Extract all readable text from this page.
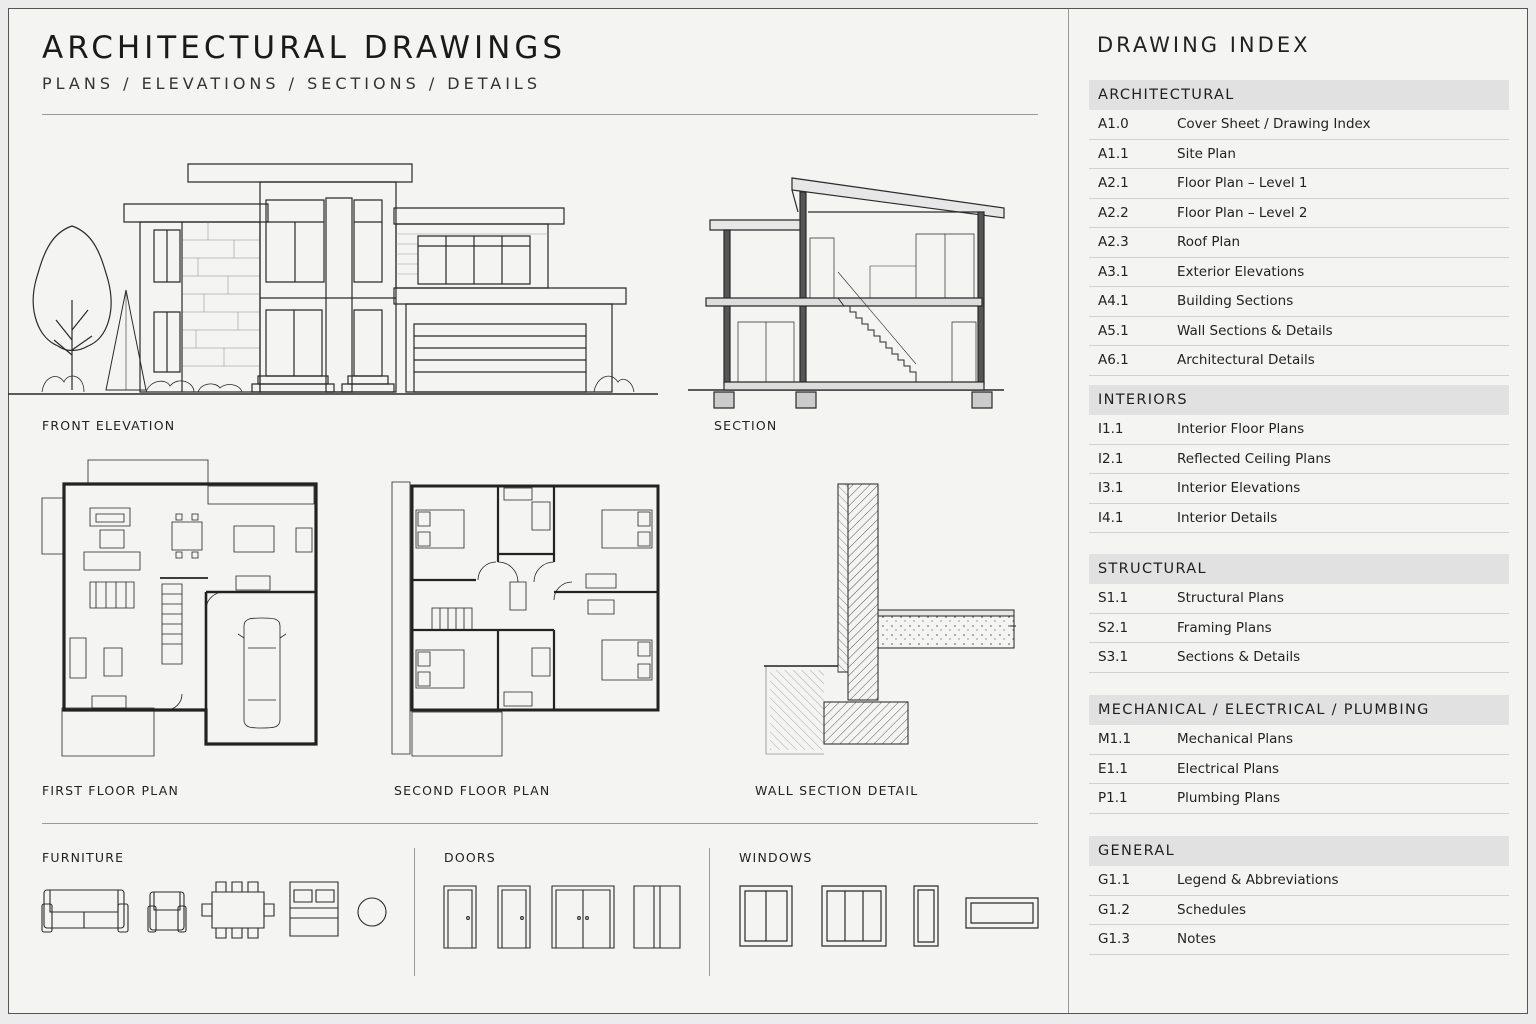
ARCHITECTURAL DRAWINGS
PLANS / ELEVATIONS / SECTIONS / DETAILS
FRONT ELEVATION	SECTION
FIRST FLOOR PLAN	SECOND FLOOR PLAN	WALL SECTION DETAIL
FURNITURE	DOORS	WINDOWS
DRAWING INDEX
ARCHITECTURAL
A1.0	Cover Sheet / Drawing Index
A1.1	Site Plan
A2.1	Floor Plan – Level 1
A2.2	Floor Plan – Level 2
A2.3	Roof Plan
A3.1	Exterior Elevations
A4.1	Building Sections
A5.1	Wall Sections & Details
A6.1	Architectural Details
INTERIORS
I1.1	Interior Floor Plans
I2.1	Reflected Ceiling Plans
I3.1	Interior Elevations
I4.1	Interior Details
STRUCTURAL
S1.1	Structural Plans
S2.1	Framing Plans
S3.1	Sections & Details
MECHANICAL / ELECTRICAL / PLUMBING
M1.1	Mechanical Plans
E1.1	Electrical Plans
P1.1	Plumbing Plans
GENERAL
G1.1	Legend & Abbreviations
G1.2	Schedules
G1.3	Notes
